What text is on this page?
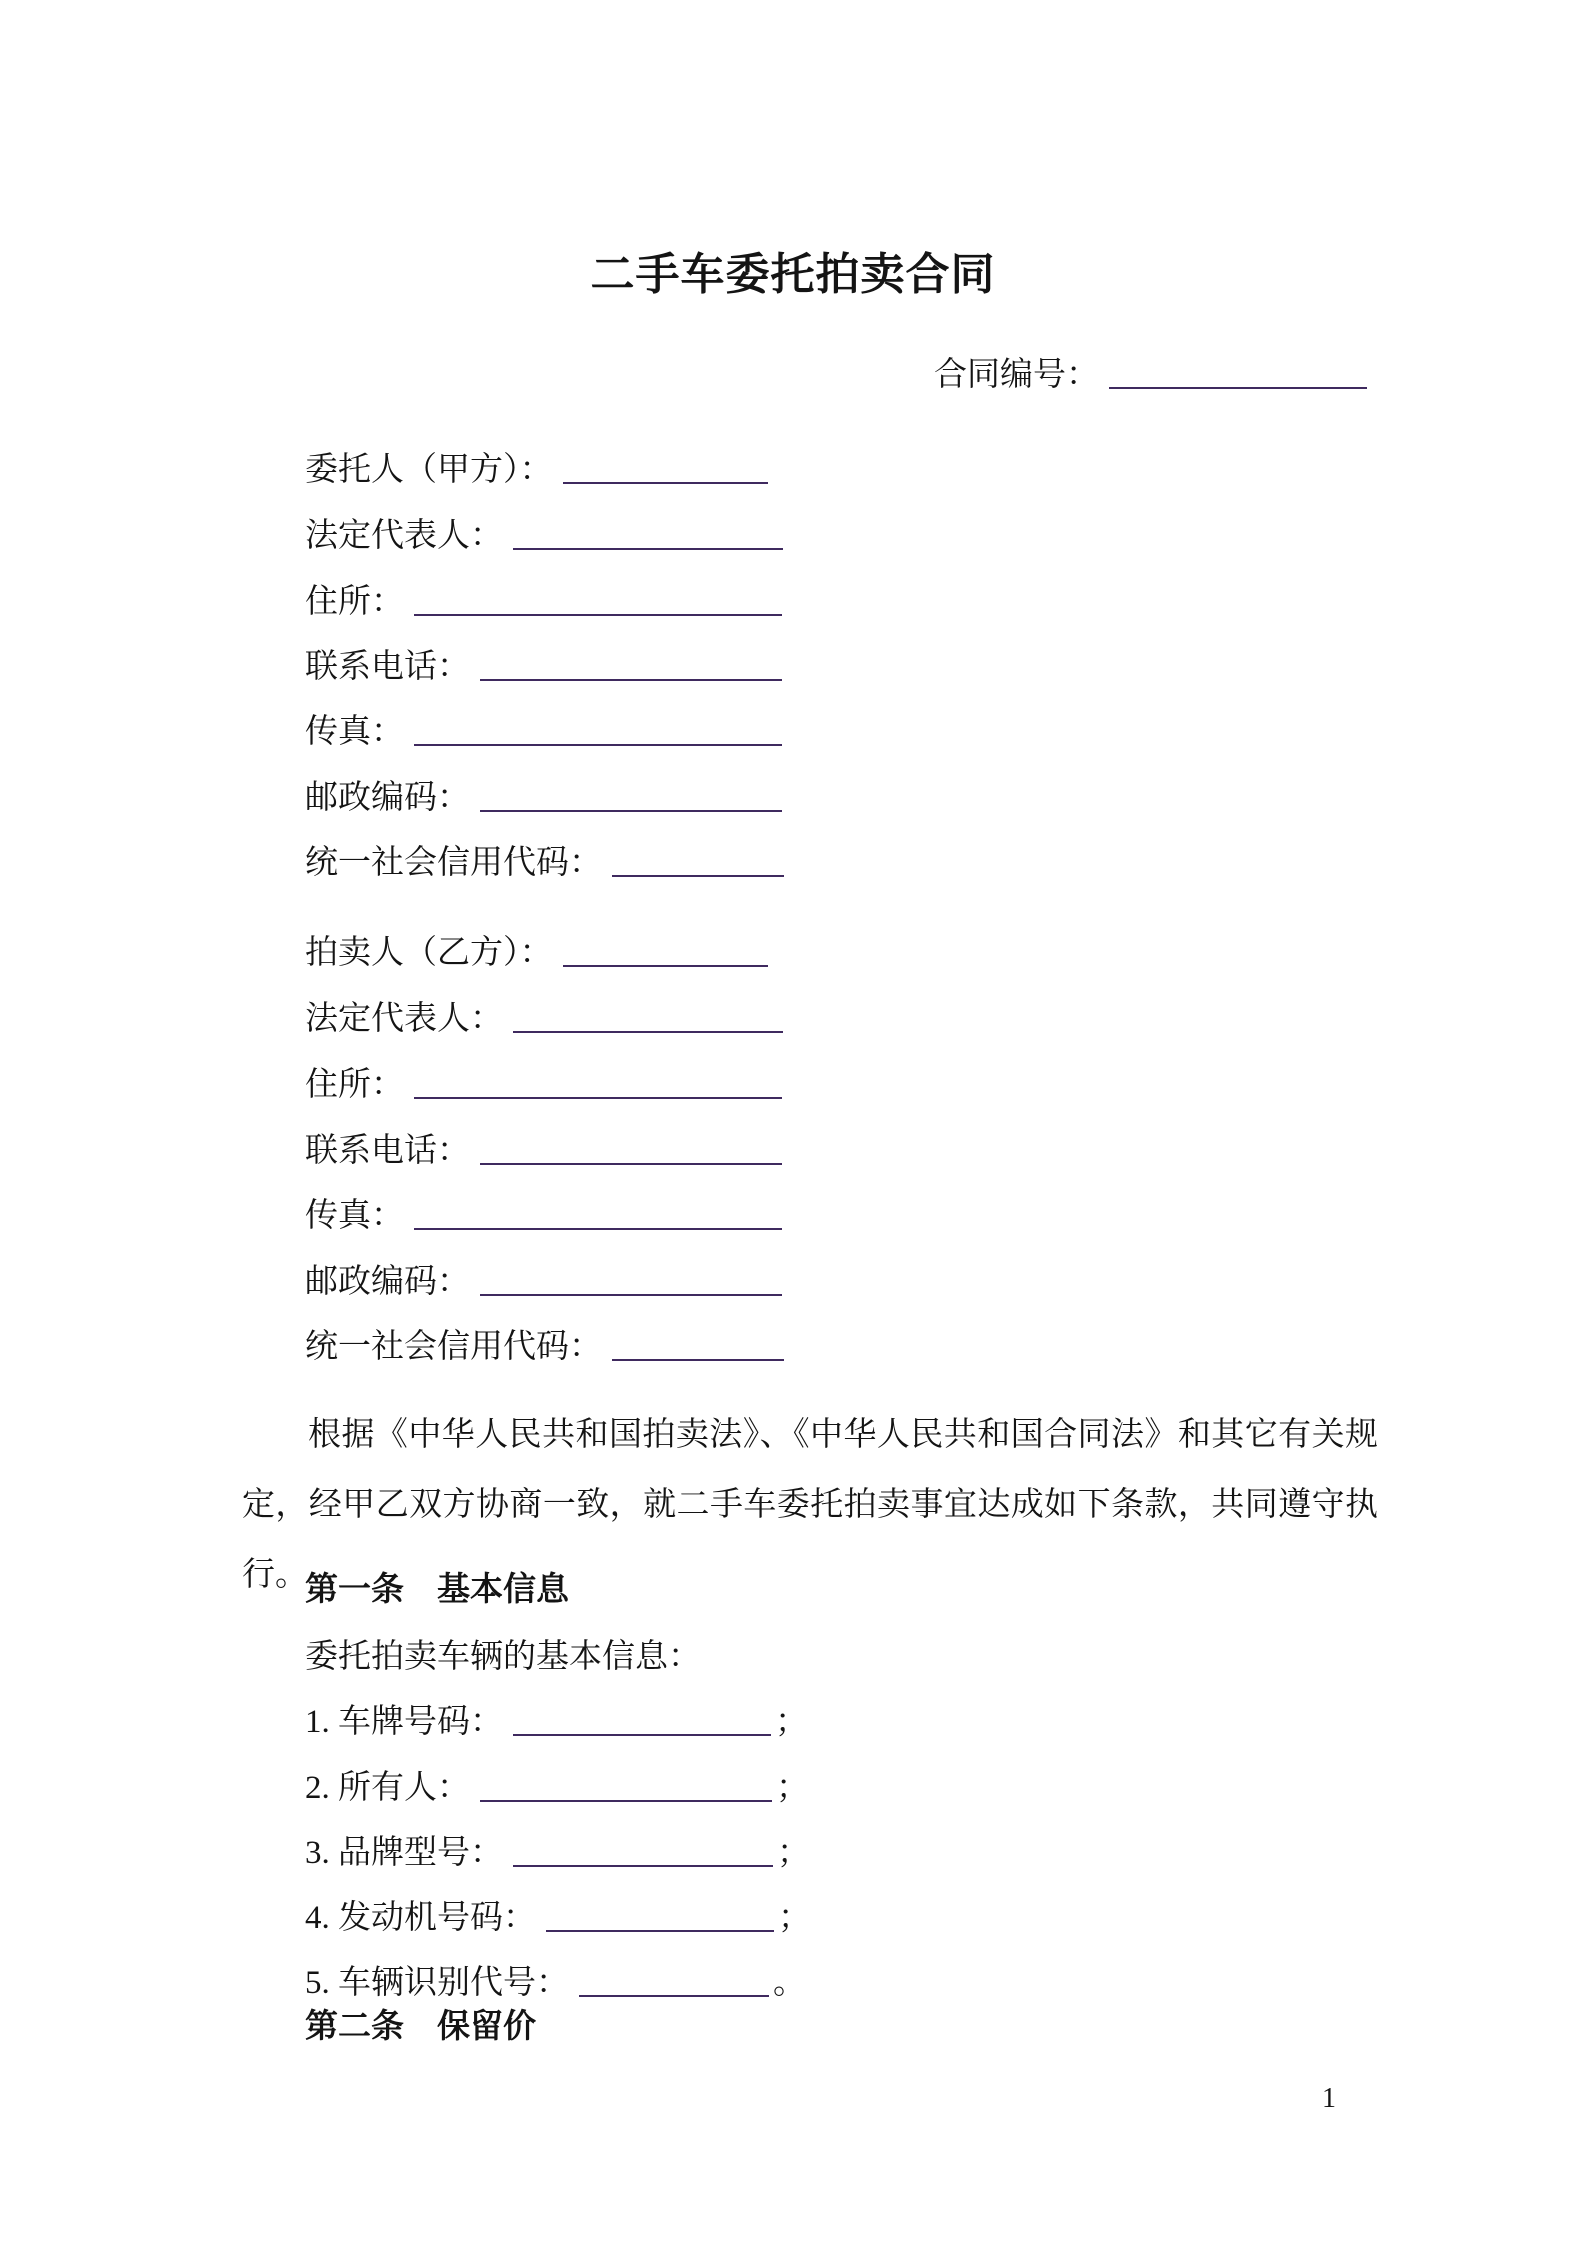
二手车委托拍卖合同
合同编号：
委托人（甲方）：
法定代表人：
住所：
联系电话：
传真：
邮政编码：
统一社会信用代码：
拍卖人（乙方）：
法定代表人：
住所：
联系电话：
传真：
邮政编码：
统一社会信用代码：
根据《中华人民共和国拍卖法》、《中华人民共和国合同法》和其它有关规定，经甲乙双方协商一致，就二手车委托拍卖事宜达成如下条款，共同遵守执行。
第一条　基本信息
委托拍卖车辆的基本信息：
1. 车牌号码：	；
2. 所有人：	；
3. 品牌型号：	；
4. 发动机号码：	；
5. 车辆识别代号：	。
第二条　保留价
1
